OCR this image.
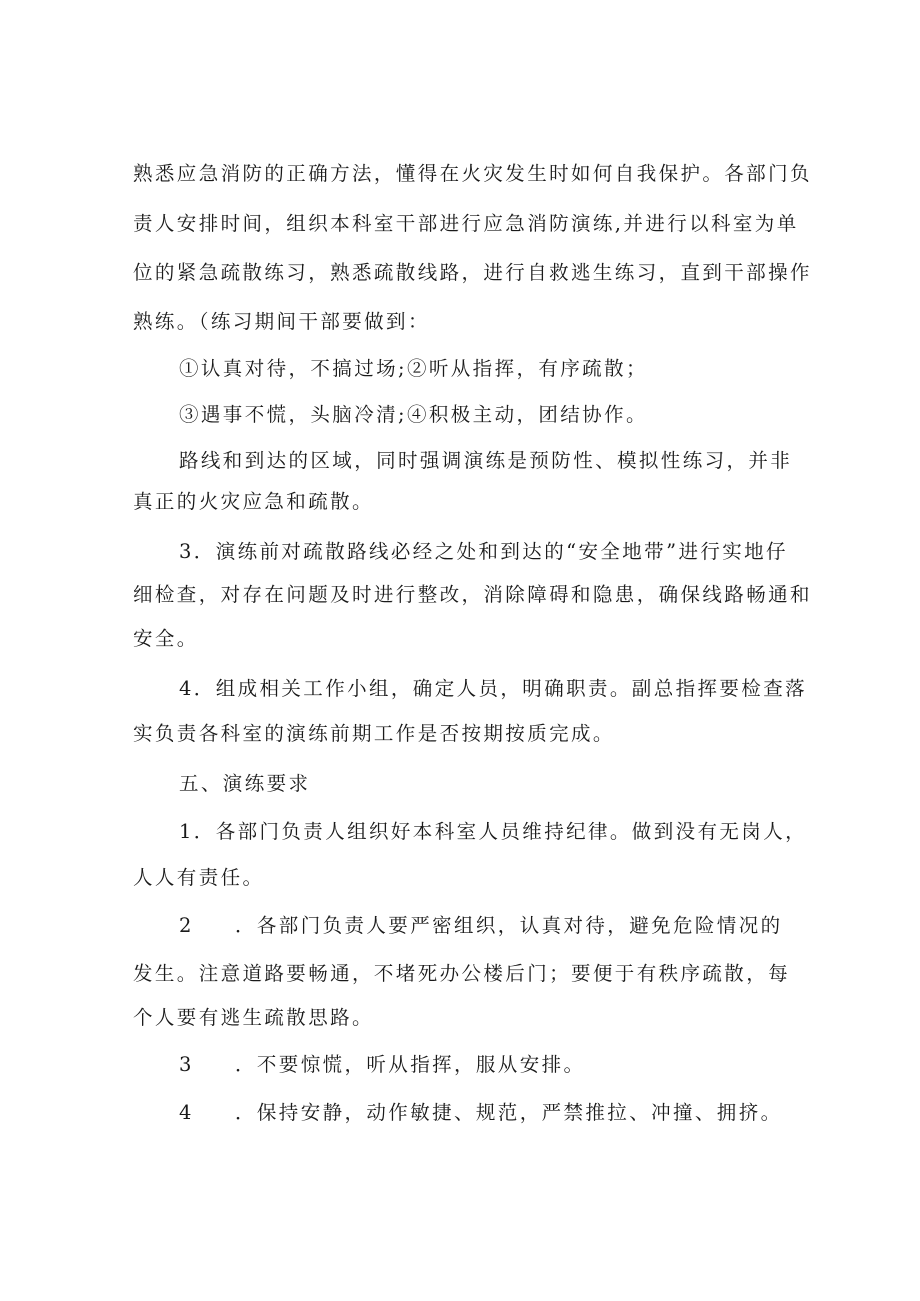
熟悉应急消防的正确方法，懂得在火灾发生时如何自我保护。各部门负
责人安排时间，组织本科室干部进行应急消防演练,并进行以科室为单
位的紧急疏散练习，熟悉疏散线路，进行自救逃生练习，直到干部操作
熟练。（练习期间干部要做到：
①认真对待，不搞过场;②听从指挥，有序疏散；
③遇事不慌，头脑冷清;④积极主动，团结协作。
路线和到达的区域，同时强调演练是预防性、模拟性练习，并非
真正的火灾应急和疏散。
3．演练前对疏散路线必经之处和到达的“安全地带”进行实地仔
细检查，对存在问题及时进行整改，消除障碍和隐患，确保线路畅通和
安全。
4．组成相关工作小组，确定人员，明确职责。副总指挥要检查落
实负责各科室的演练前期工作是否按期按质完成。
五、演练要求
1．各部门负责人组织好本科室人员维持纪律。做到没有无岗人，
人人有责任。
2 ．各部门负责人要严密组织，认真对待，避免危险情况的
发生。注意道路要畅通，不堵死办公楼后门；要便于有秩序疏散，每
个人要有逃生疏散思路。
3 ．不要惊慌，听从指挥，服从安排。
4 ．保持安静，动作敏捷、规范，严禁推拉、冲撞、拥挤。
